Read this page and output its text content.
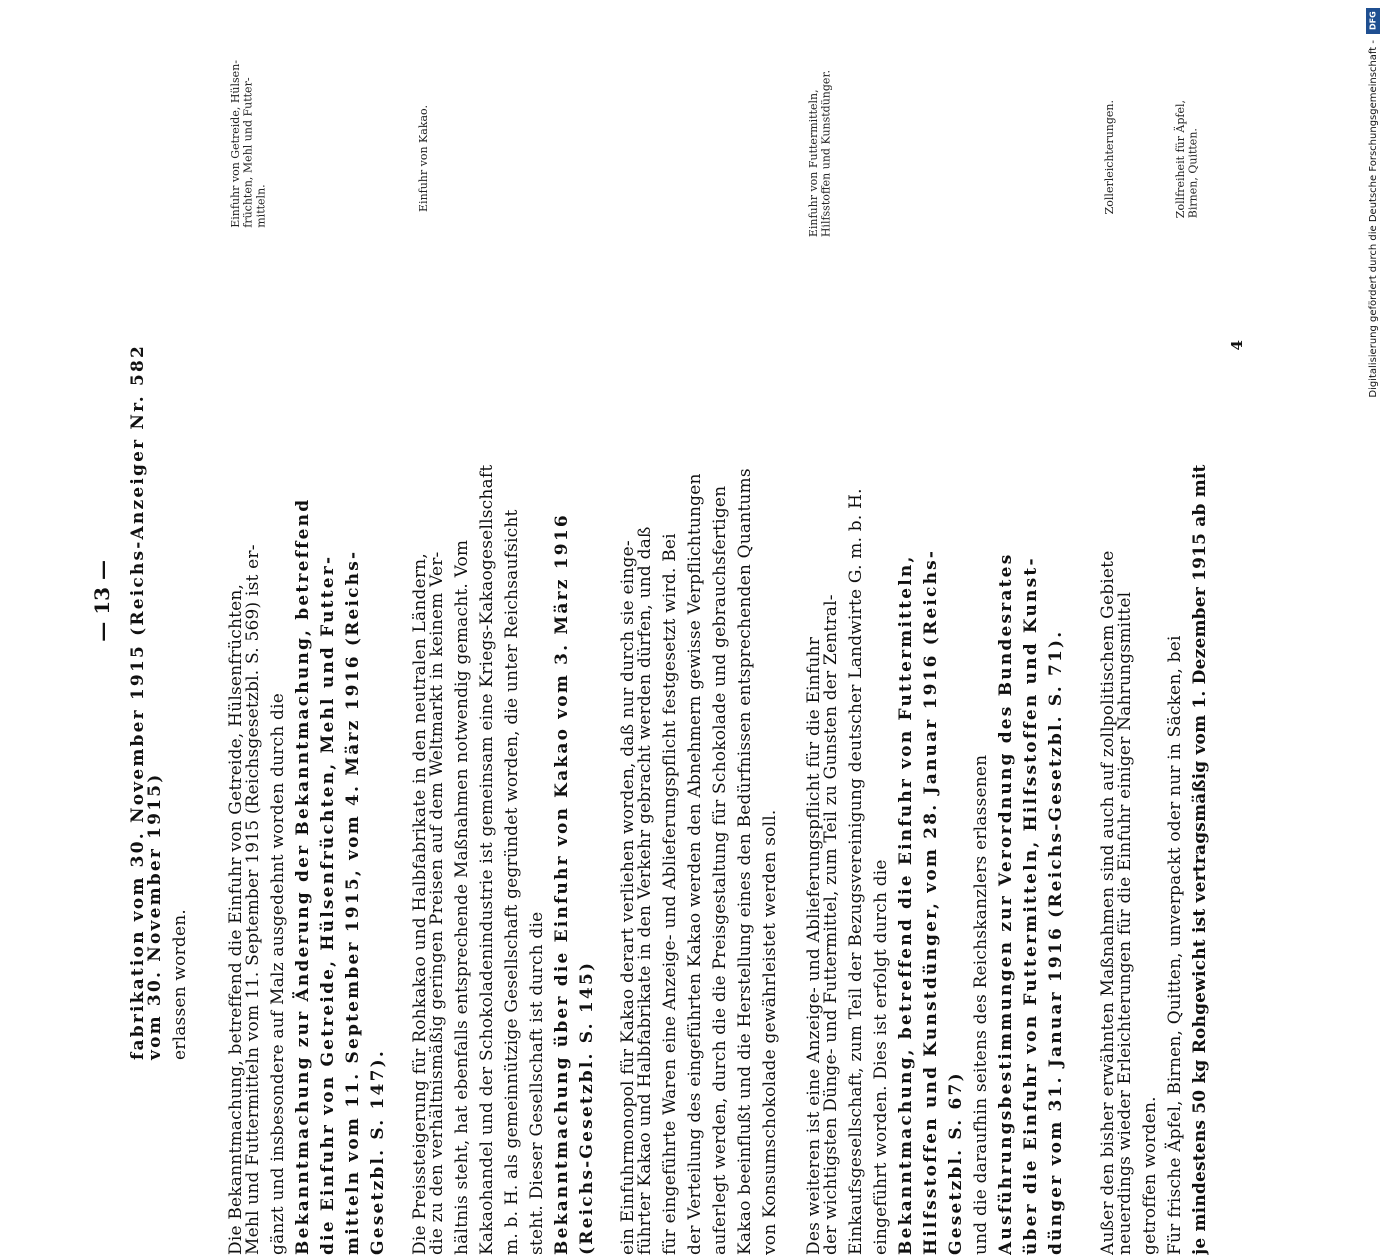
— 13 — fabrikation vom 30. November 1915 (Reichs-Anzeiger Nr. 582
vom 30. November 1915) erlassen worden. Die Bekanntmachung, betreffend die Einfuhr von Getreide, Hülsenfrüchten,
Mehl und Futtermitteln vom 11. September 1915 (Reichsgesetzbl. S. 569) ist er- gänzt und insbesondere auf Malz ausgedehnt worden durch die Bekanntmachung zur Änderung der Bekanntmachung, betreffend die Einfuhr von Getreide, Hülsenfrüchten, Mehl und Futter- mitteln vom 11. September 1915, vom 4. März 1916 (Reichs- Gesetzbl. S. 147). Die Preissteigerung für Rohkakao und Halbfabrikate in den neutralen Ländern,
die zu den verhältnismäßig geringen Preisen auf dem Weltmarkt in keinem Ver- hältnis steht, hat ebenfalls entsprechende Maßnahmen notwendig gemacht. Vom Kakaohandel und der Schokoladenindustrie ist gemeinsam eine Kriegs-Kakaogesellschaft m. b. H. als gemeinnützige Gesellschaft gegründet worden, die unter Reichsaufsicht steht. Dieser Gesellschaft ist durch die Bekanntmachung über die Einfuhr von Kakao vom 3. März 1916 (Reichs-Gesetzbl. S. 145) ein Einfuhrmonopol für Kakao derart verliehen worden, daß nur durch sie einge-
führter Kakao und Halbfabrikate in den Verkehr gebracht werden dürfen, und daß für eingeführte Waren eine Anzeige- und Ablieferungspflicht festgesetzt wird. Bei der Verteilung des eingeführten Kakao werden den Abnehmern gewisse Verpflichtungen auferlegt werden, durch die die Preisgestaltung für Schokolade und gebrauchsfertigen Kakao beeinflußt und die Herstellung eines den Bedürfnissen entsprechenden Quantums von Konsumschokolade gewährleistet werden soll. Des weiteren ist eine Anzeige- und Ablieferungspflicht für die Einfuhr
der wichtigsten Dünge- und Futtermittel, zum Teil zu Gunsten der Zentral- Einkaufsgesellschaft, zum Teil der Bezugsvereinigung deutscher Landwirte G. m. b. H. eingeführt worden. Dies ist erfolgt durch die Bekanntmachung, betreffend die Einfuhr von Futtermitteln, Hilfsstoffen und Kunstdünger, vom 28. Januar 1916 (Reichs- Gesetzbl. S. 67) und die daraufhin seitens des Reichskanzlers erlassenen Ausführungsbestimmungen zur Verordnung des Bundesrates über die Einfuhr von Futtermitteln, Hilfsstoffen und Kunst- dünger vom 31. Januar 1916 (Reichs-Gesetzbl. S. 71). Außer den bisher erwähnten Maßnahmen sind auch auf zollpolitischem Gebiete
neuerdings wieder Erleichterungen für die Einfuhr einiger Nahrungsmittel getroffen worden. Für frische Äpfel, Birnen, Quitten, unverpackt oder nur in Säcken, bei je mindestens 50 kg Rohgewicht ist vertragsmäßig vom 1. Dezember 1915 ab mit
Einfuhr von Getreide, Hülsen- früchten, Mehl und Futter- mitteln.	Einfuhr von Kakao.	Einfuhr von Futtermitteln, Hilfsstoffen und Kunstdünger.	Zollerleichterungen.	Zollfreiheit für Äpfel, Birnen, Quitten.
4	Digitalisierung gefördert durch die Deutsche Forschungsgemeinschaft -
DFG
